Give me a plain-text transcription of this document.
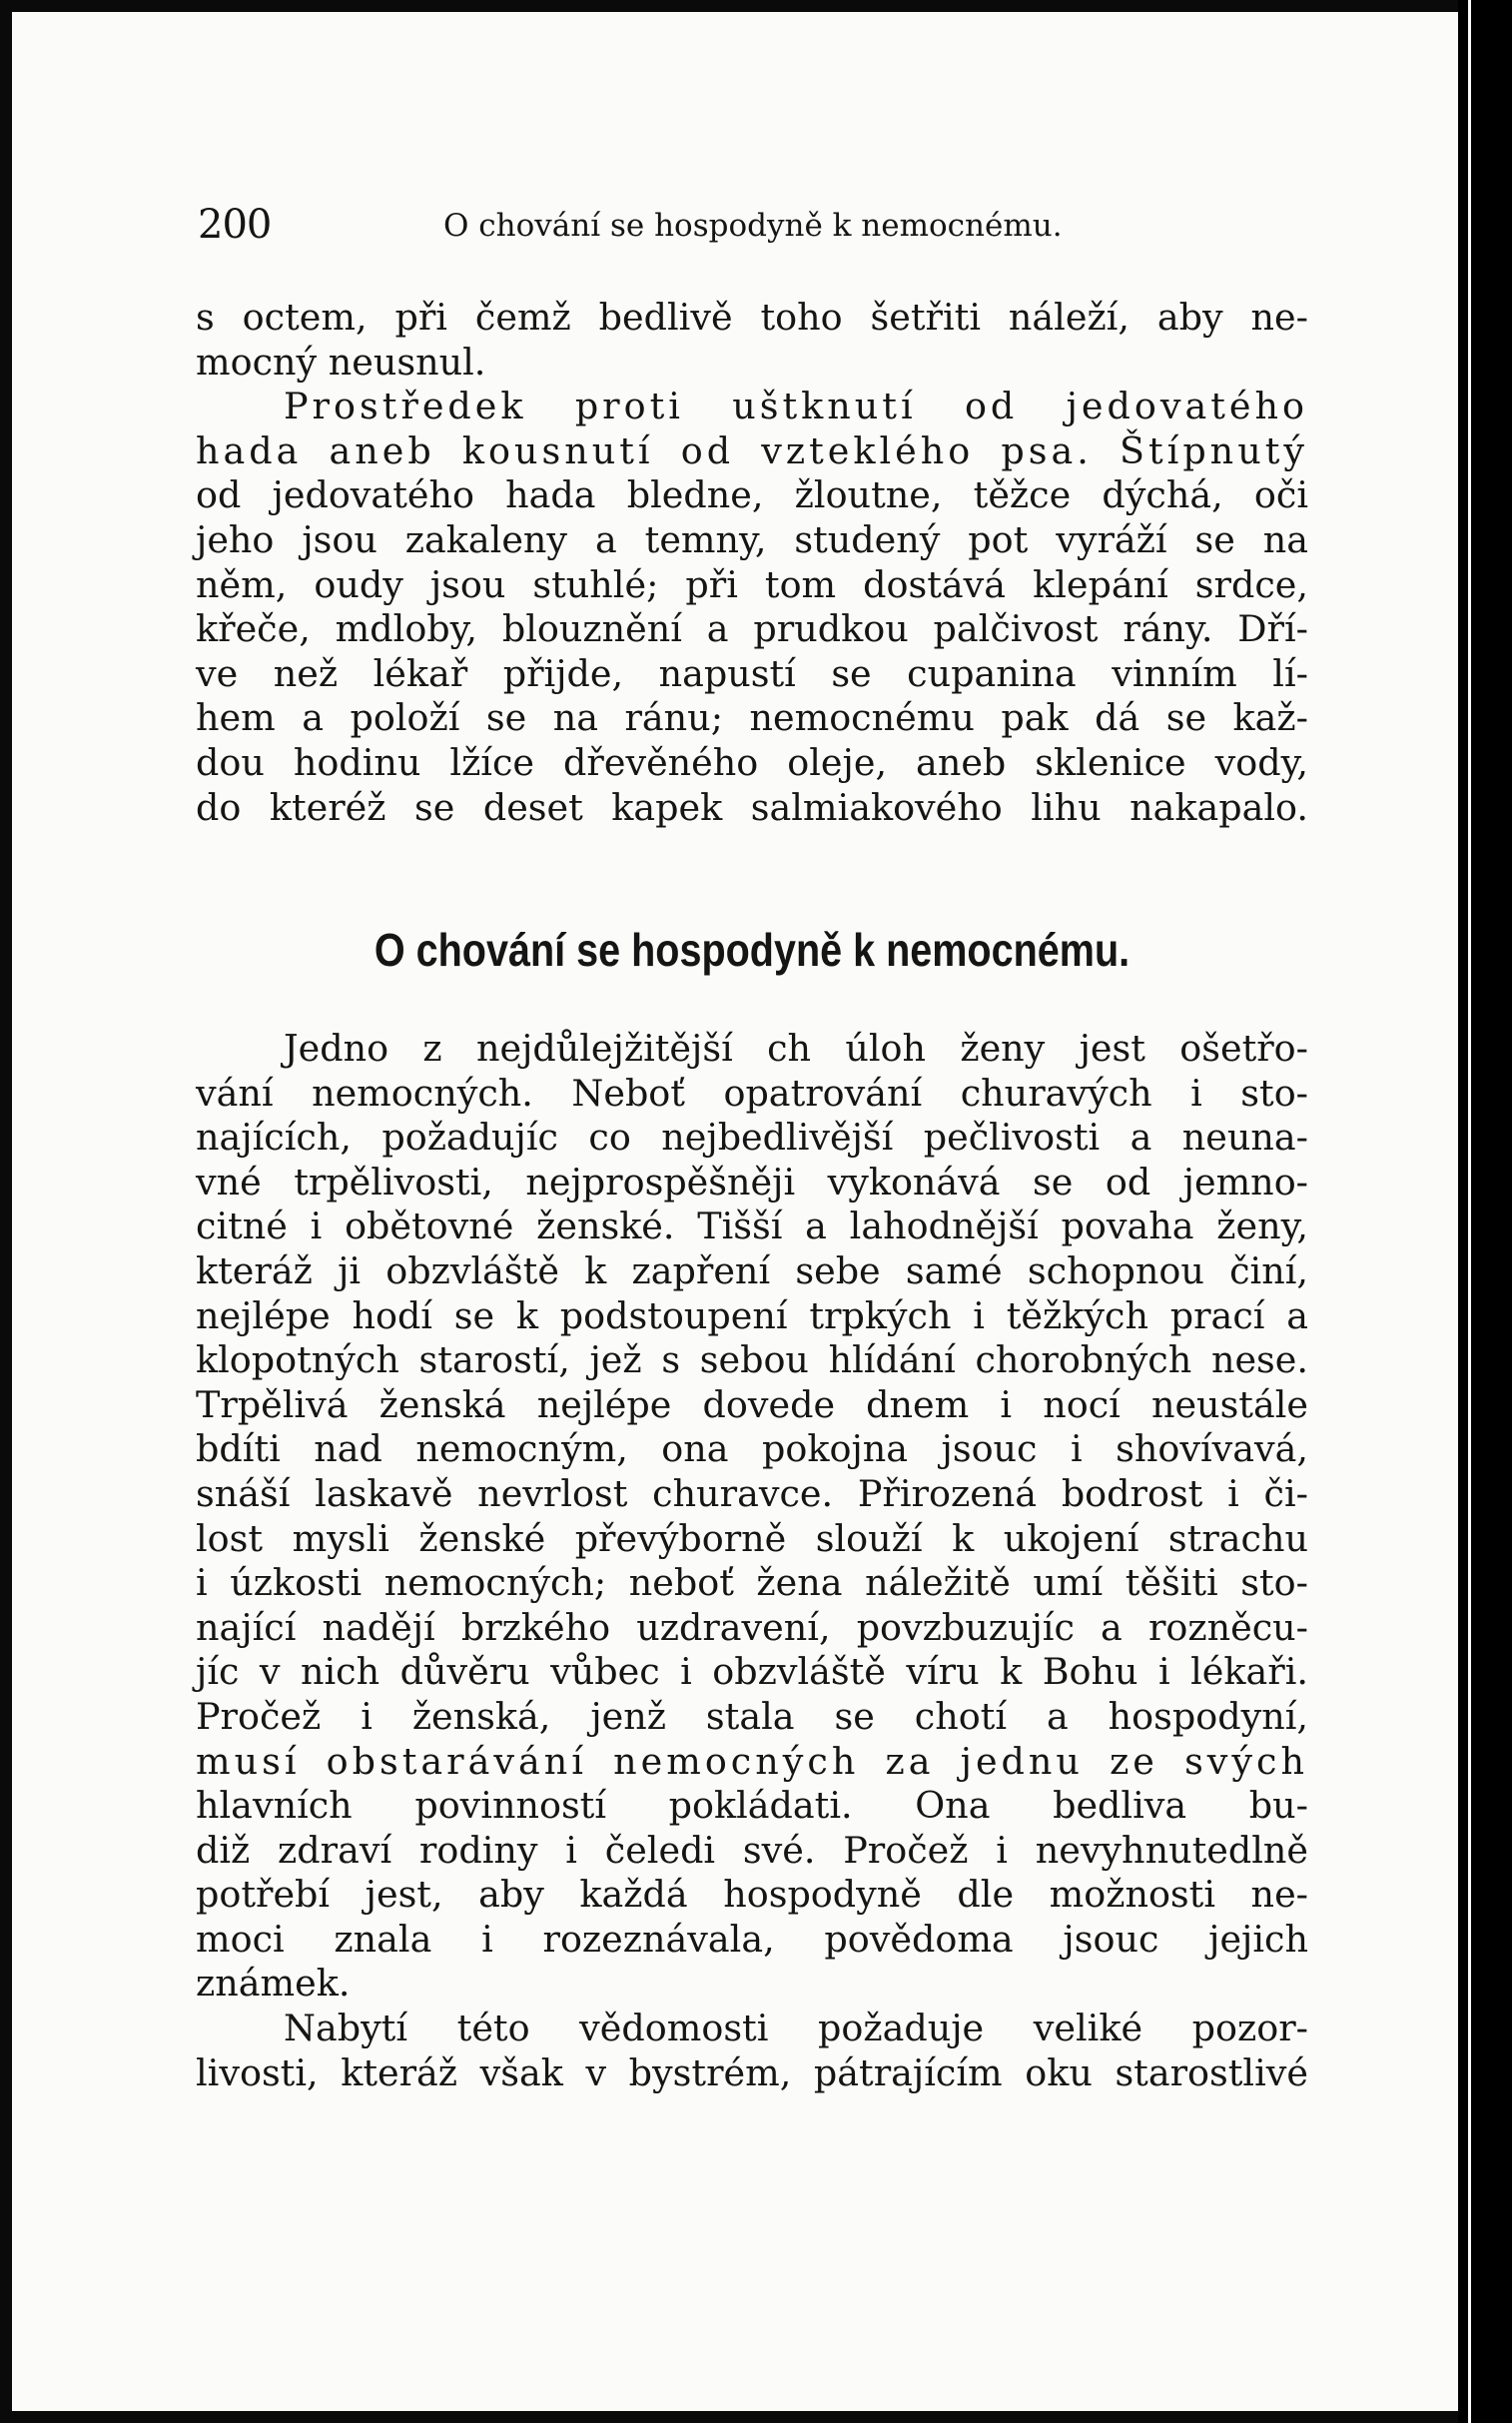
200	O chování se hospodyně k nemocnému.
s octem, při čemž bedlivě toho šetřiti náleží, aby ne-
mocný neusnul.
Prostředek proti uštknutí od jedovatého
hada aneb kousnutí od vzteklého psa. Štípnutý
od jedovatého hada bledne, žloutne, těžce dýchá, oči
jeho jsou zakaleny a temny, studený pot vyráží se na
něm, oudy jsou stuhlé; při tom dostává klepání srdce,
křeče, mdloby, blouznění a prudkou palčivost rány. Dří-
ve než lékař přijde, napustí se cupanina vinním lí-
hem a položí se na ránu; nemocnému pak dá se kaž-
dou hodinu lžíce dřevěného oleje, aneb sklenice vody,
do kteréž se deset kapek salmiakového lihu nakapalo.
O chování se hospodyně k nemocnému.
Jedno z nejdůlejžitější ch úloh ženy jest ošetřo-
vání nemocných. Neboť opatrování churavých i sto-
najících, požadujíc co nejbedlivější pečlivosti a neuna-
vné trpělivosti, nejprospěšněji vykonává se od jemno-
citné i obětovné ženské. Tišší a lahodnější povaha ženy,
kteráž ji obzvláště k zapření sebe samé schopnou činí,
nejlépe hodí se k podstoupení trpkých i těžkých prací a
klopotných starostí, jež s sebou hlídání chorobných nese.
Trpělivá ženská nejlépe dovede dnem i nocí neustále
bdíti nad nemocným, ona pokojna jsouc i shovívavá,
snáší laskavě nevrlost churavce. Přirozená bodrost i či-
lost mysli ženské převýborně slouží k ukojení strachu
i úzkosti nemocných; neboť žena náležitě umí těšiti sto-
nající nadějí brzkého uzdravení, povzbuzujíc a rozněcu-
jíc v nich důvěru vůbec i obzvláště víru k Bohu i lékaři.
Pročež i ženská, jenž stala se chotí a hospodyní,
musí obstarávání nemocných za jednu ze svých
hlavních povinností pokládati. Ona bedliva bu-
diž zdraví rodiny i čeledi své. Pročež i nevyhnutedlně
potřebí jest, aby každá hospodyně dle možnosti ne-
moci znala i rozeznávala, povědoma jsouc jejich
známek.
Nabytí této vědomosti požaduje veliké pozor-
livosti, kteráž však v bystrém, pátrajícím oku starostlivé
